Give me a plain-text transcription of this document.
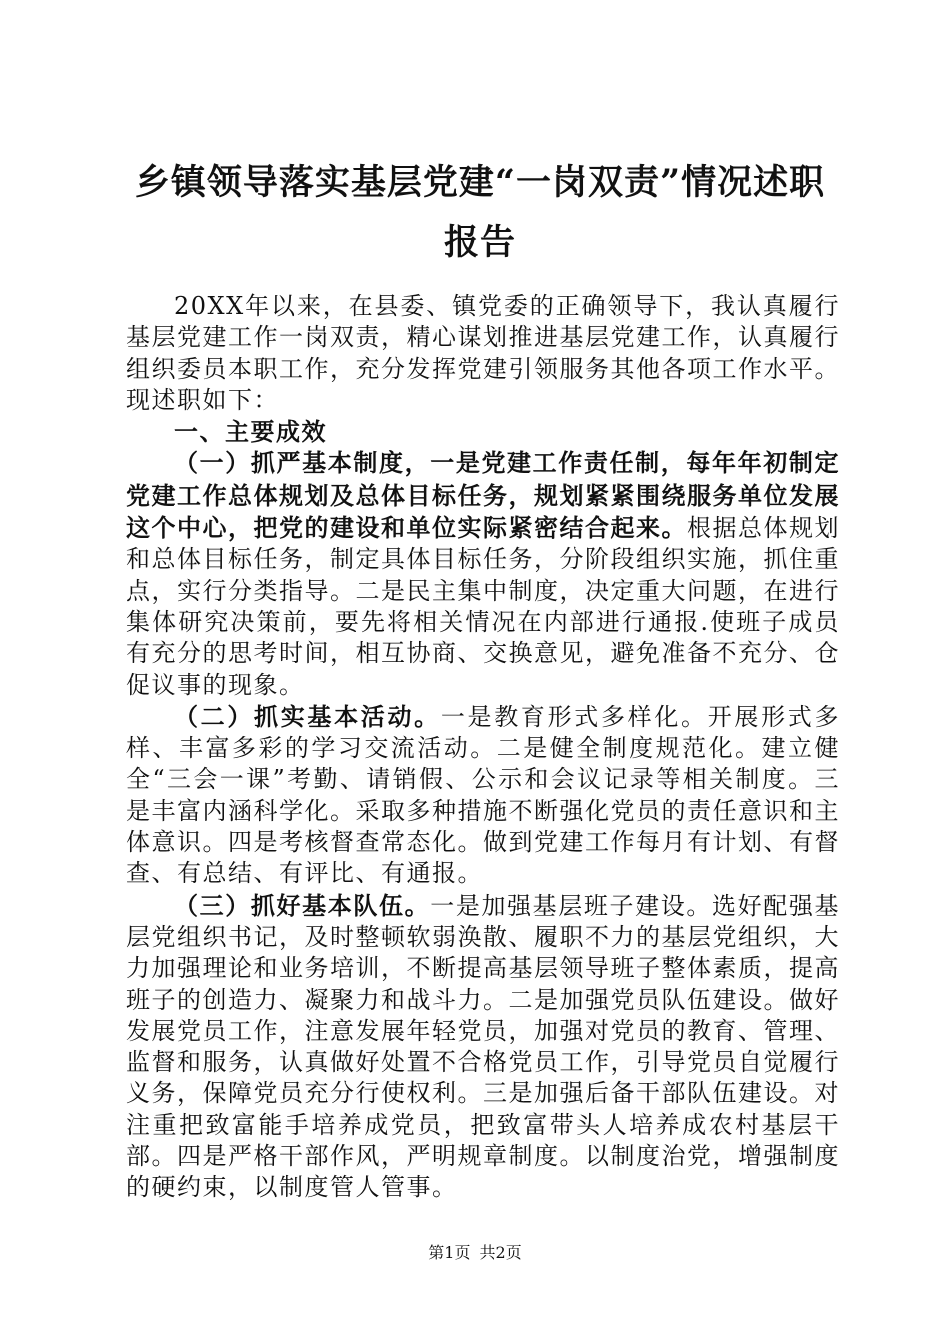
乡镇领导落实基层党建“一岗双责”情况述职
报告

20XX年以来，在县委、镇党委的正确领导下，我认真履行基层党建工作一岗双责，精心谋划推进基层党建工作，认真履行组织委员本职工作，充分发挥党建引领服务其他各项工作水平。现述职如下：

一、主要成效

（一）抓严基本制度，一是党建工作责任制，每年年初制定党建工作总体规划及总体目标任务，规划紧紧围绕服务单位发展这个中心，把党的建设和单位实际紧密结合起来。根据总体规划和总体目标任务，制定具体目标任务，分阶段组织实施，抓住重点，实行分类指导。二是民主集中制度，决定重大问题，在进行集体研究决策前，要先将相关情况在内部进行通报.使班子成员有充分的思考时间，相互协商、交换意见，避免准备不充分、仓促议事的现象。

（二）抓实基本活动。一是教育形式多样化。开展形式多样、丰富多彩的学习交流活动。二是健全制度规范化。建立健全“三会一课”考勤、请销假、公示和会议记录等相关制度。三是丰富内涵科学化。采取多种措施不断强化党员的责任意识和主体意识。四是考核督查常态化。做到党建工作每月有计划、有督查、有总结、有评比、有通报。

（三）抓好基本队伍。一是加强基层班子建设。选好配强基层党组织书记，及时整顿软弱涣散、履职不力的基层党组织，大力加强理论和业务培训，不断提高基层领导班子整体素质，提高班子的创造力、凝聚力和战斗力。二是加强党员队伍建设。做好发展党员工作，注意发展年轻党员，加强对党员的教育、管理、监督和服务，认真做好处置不合格党员工作，引导党员自觉履行义务，保障党员充分行使权利。三是加强后备干部队伍建设。对注重把致富能手培养成党员，把致富带头人培养成农村基层干部。四是严格干部作风，严明规章制度。以制度治党，增强制度的硬约束，以制度管人管事。

第1页 共2页
